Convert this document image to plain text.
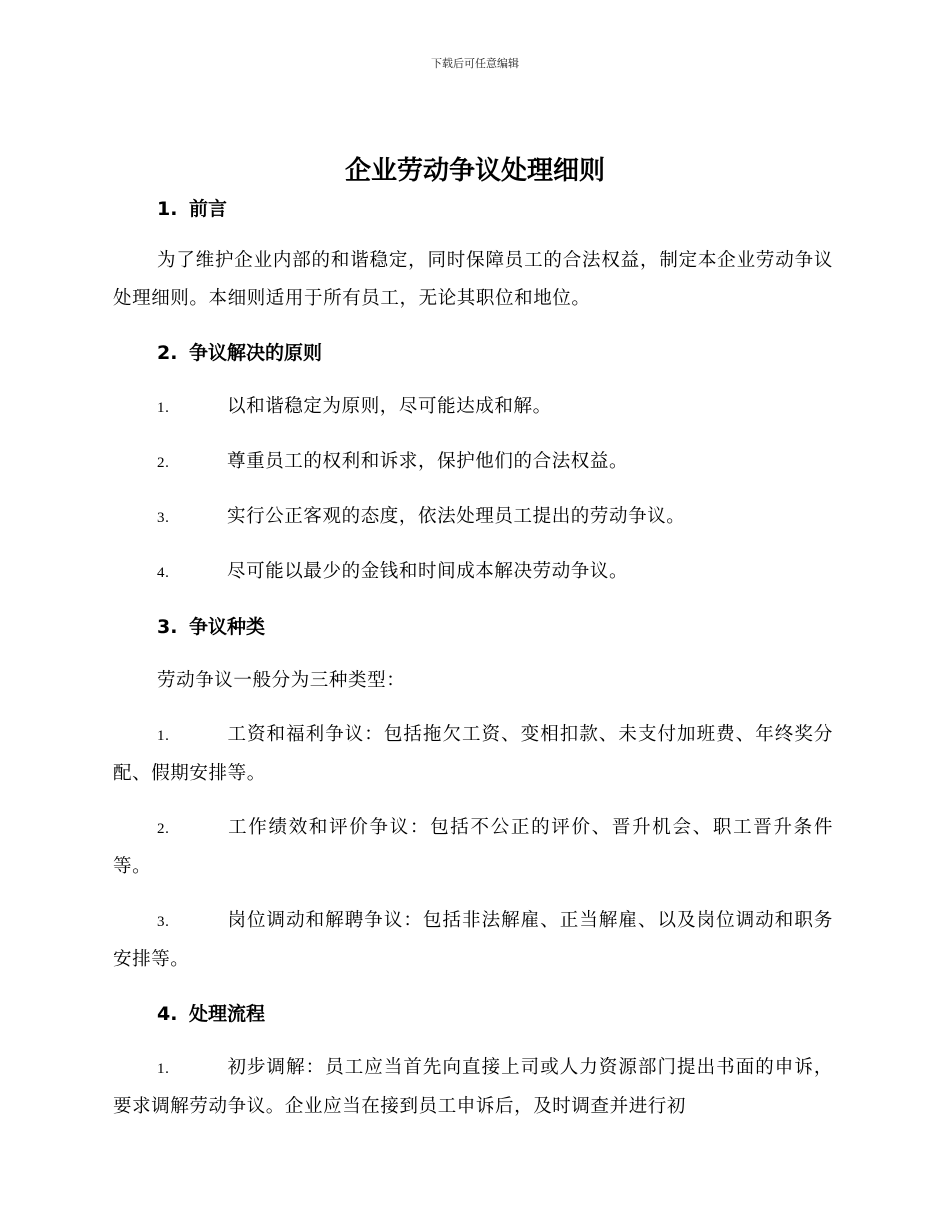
下载后可任意编辑
企业劳动争议处理细则
1. 前言

为了维护企业内部的和谐稳定，同时保障员工的合法权益，制定本企业劳动争议处理细则。本细则适用于所有员工，无论其职位和地位。

2. 争议解决的原则

1.	以和谐稳定为原则，尽可能达成和解。

2.	尊重员工的权利和诉求，保护他们的合法权益。

3.	实行公正客观的态度，依法处理员工提出的劳动争议。

4.	尽可能以最少的金钱和时间成本解决劳动争议。

3. 争议种类

劳动争议一般分为三种类型：

1.	工资和福利争议：包括拖欠工资、变相扣款、未支付加班费、年终奖分配、假期安排等。

2.	工作绩效和评价争议：包括不公正的评价、晋升机会、职工晋升条件等。

3.	岗位调动和解聘争议：包括非法解雇、正当解雇、以及岗位调动和职务安排等。

4. 处理流程

1.	初步调解：员工应当首先向直接上司或人力资源部门提出书面的申诉，要求调解劳动争议。企业应当在接到员工申诉后，及时调查并进行初
